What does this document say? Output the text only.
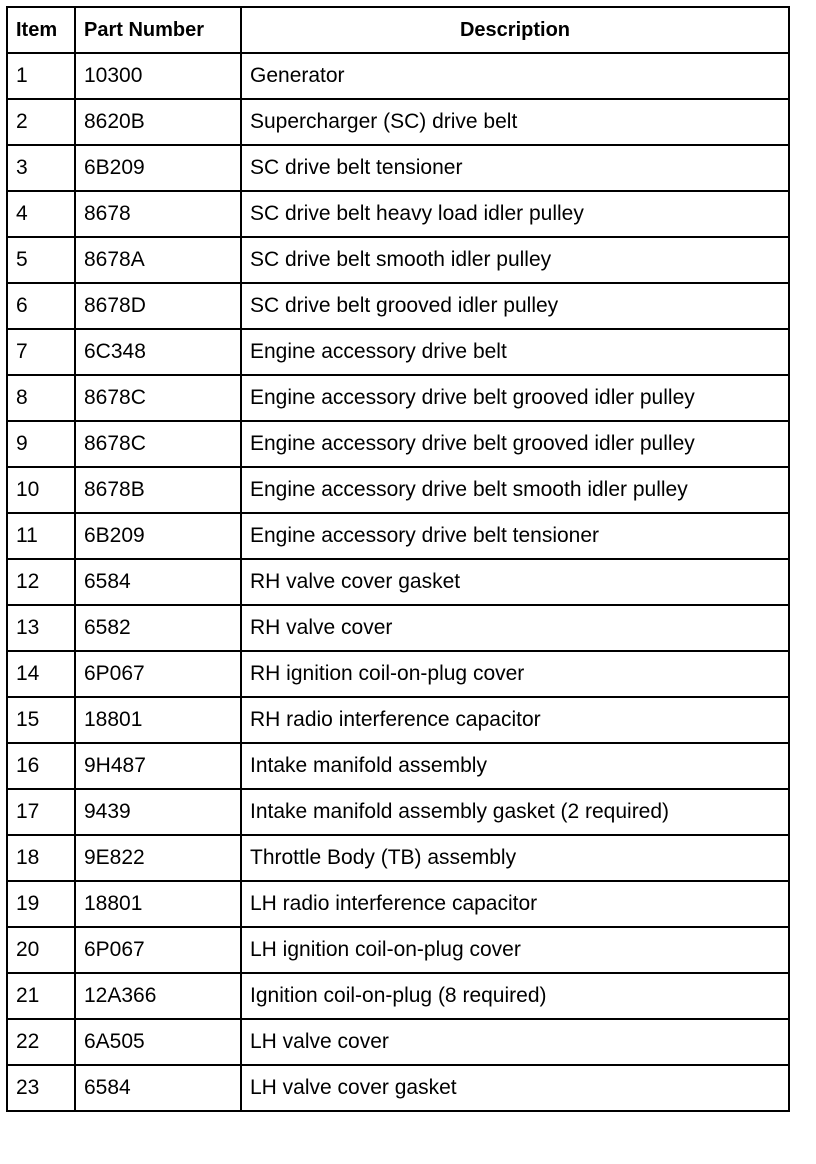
Item	Part Number	Description
1	10300	Generator
2	8620B	Supercharger (SC) drive belt
3	6B209	SC drive belt tensioner
4	8678	SC drive belt heavy load idler pulley
5	8678A	SC drive belt smooth idler pulley
6	8678D	SC drive belt grooved idler pulley
7	6C348	Engine accessory drive belt
8	8678C	Engine accessory drive belt grooved idler pulley
9	8678C	Engine accessory drive belt grooved idler pulley
10	8678B	Engine accessory drive belt smooth idler pulley
11	6B209	Engine accessory drive belt tensioner
12	6584	RH valve cover gasket
13	6582	RH valve cover
14	6P067	RH ignition coil-on-plug cover
15	18801	RH radio interference capacitor
16	9H487	Intake manifold assembly
17	9439	Intake manifold assembly gasket (2 required)
18	9E822	Throttle Body (TB) assembly
19	18801	LH radio interference capacitor
20	6P067	LH ignition coil-on-plug cover
21	12A366	Ignition coil-on-plug (8 required)
22	6A505	LH valve cover
23	6584	LH valve cover gasket
